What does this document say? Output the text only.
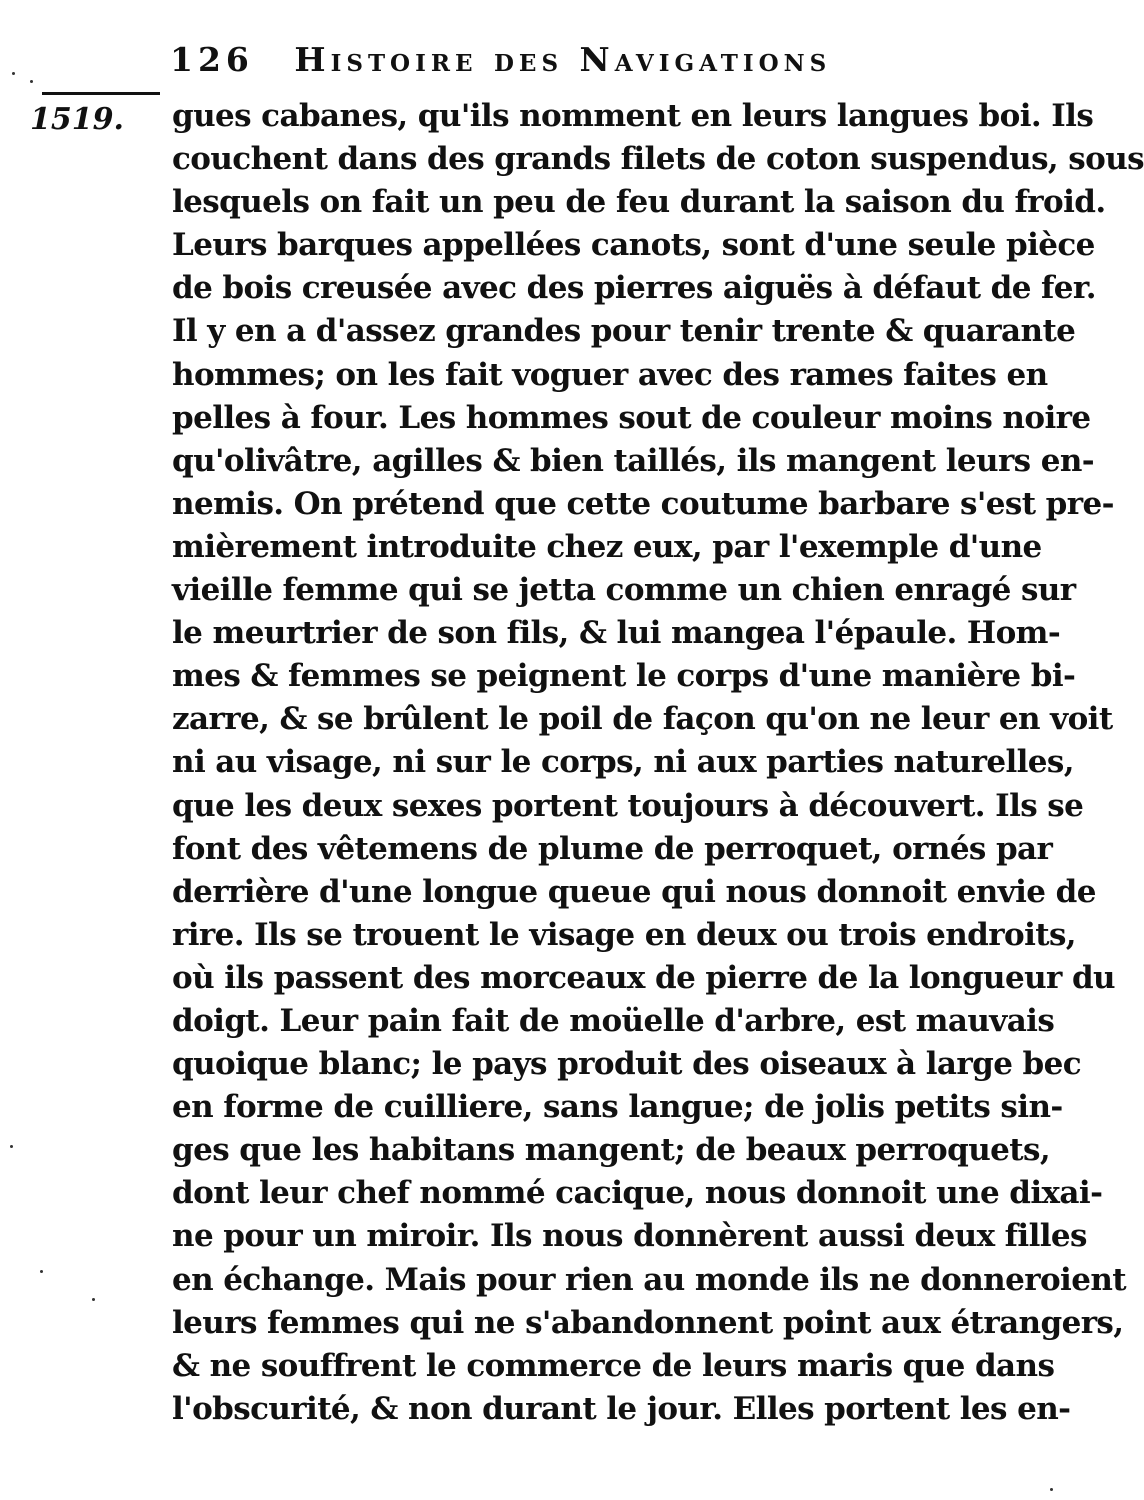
126 Histoire des Navigations
1519. gues cabanes, qu'ils nomment en leurs langues boi. Ils
couchent dans des grands filets de coton suspendus, sous
lesquels on fait un peu de feu durant la saison du froid.
Leurs barques appellées canots, sont d'une seule pièce
de bois creusée avec des pierres aiguës à défaut de fer.
Il y en a d'assez grandes pour tenir trente & quarante
hommes; on les fait voguer avec des rames faites en
pelles à four. Les hommes sout de couleur moins noire
qu'olivâtre, agilles & bien taillés, ils mangent leurs en-
nemis. On prétend que cette coutume barbare s'est pre-
mièrement introduite chez eux, par l'exemple d'une
vieille femme qui se jetta comme un chien enragé sur
le meurtrier de son fils, & lui mangea l'épaule. Hom-
mes & femmes se peignent le corps d'une manière bi-
zarre, & se brûlent le poil de façon qu'on ne leur en voit
ni au visage, ni sur le corps, ni aux parties naturelles,
que les deux sexes portent toujours à découvert. Ils se
font des vêtemens de plume de perroquet, ornés par
derrière d'une longue queue qui nous donnoit envie de
rire. Ils se trouent le visage en deux ou trois endroits,
où ils passent des morceaux de pierre de la longueur du
doigt. Leur pain fait de moüelle d'arbre, est mauvais
quoique blanc; le pays produit des oiseaux à large bec
en forme de cuilliere, sans langue; de jolis petits sin-
ges que les habitans mangent; de beaux perroquets,
dont leur chef nommé cacique, nous donnoit une dixai-
ne pour un miroir. Ils nous donnèrent aussi deux filles
en échange. Mais pour rien au monde ils ne donneroient
leurs femmes qui ne s'abandonnent point aux étrangers,
& ne souffrent le commerce de leurs maris que dans
l'obscurité, & non durant le jour. Elles portent les en-
